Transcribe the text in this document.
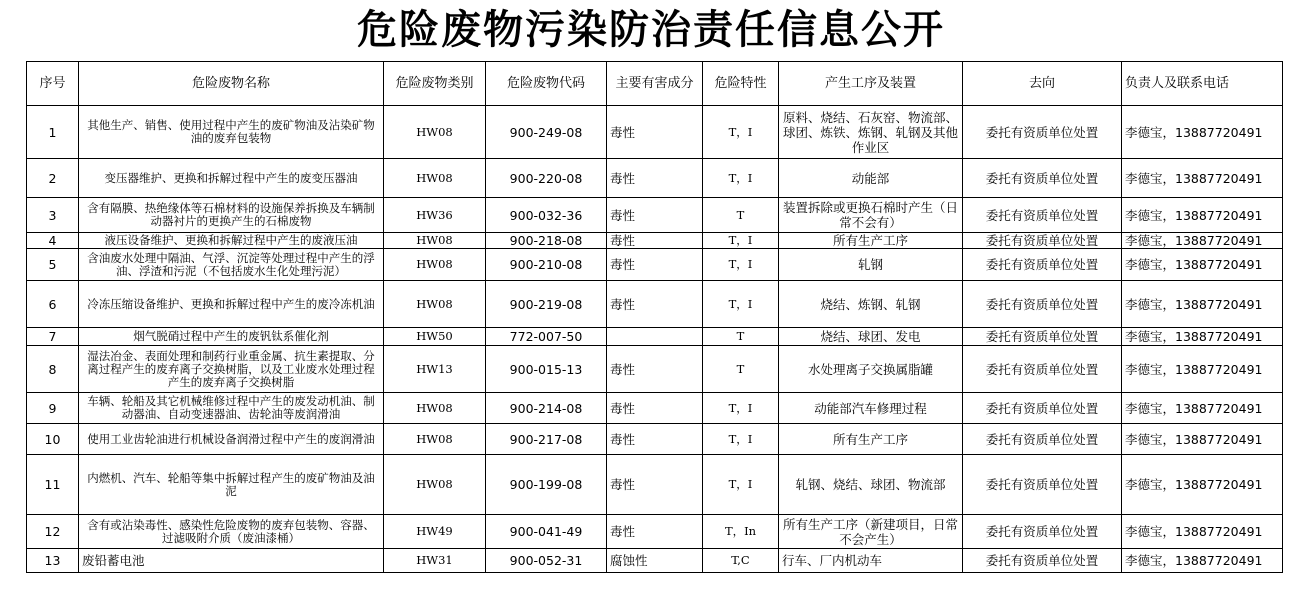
危险废物污染防治责任信息公开
序号	危险废物名称	危险废物类别	危险废物代码	主要有害成分	危险特性	产生工序及装置	去向	负责人及联系电话
1	其他生产、销售、使用过程中产生的废矿物油及沾染矿物油的废弃包装物	HW08	900-249-08	毒性	T，I	原料、烧结、石灰窑、物流部、球团、炼铁、炼钢、轧钢及其他作业区	委托有资质单位处置	李德宝，13887720491
2	变压器维护、更换和拆解过程中产生的废变压器油	HW08	900-220-08	毒性	T，I	动能部	委托有资质单位处置	李德宝，13887720491
3	含有隔膜、热绝缘体等石棉材料的设施保养拆换及车辆制动器衬片的更换产生的石棉废物	HW36	900-032-36	毒性	T	装置拆除或更换石棉时产生（日常不会有）	委托有资质单位处置	李德宝，13887720491
4	液压设备维护、更换和拆解过程中产生的废液压油	HW08	900-218-08	毒性	T，I	所有生产工序	委托有资质单位处置	李德宝，13887720491
5	含油废水处理中隔油、气浮、沉淀等处理过程中产生的浮油、浮渣和污泥（不包括废水生化处理污泥）	HW08	900-210-08	毒性	T，I	轧钢	委托有资质单位处置	李德宝，13887720491
6	冷冻压缩设备维护、更换和拆解过程中产生的废冷冻机油	HW08	900-219-08	毒性	T，I	烧结、炼钢、轧钢	委托有资质单位处置	李德宝，13887720491
7	烟气脱硝过程中产生的废钒钛系催化剂	HW50	772-007-50		T	烧结、球团、发电	委托有资质单位处置	李德宝，13887720491
8	湿法冶金、表面处理和制药行业重金属、抗生素提取、分离过程产生的废弃离子交换树脂，以及工业废水处理过程产生的废弃离子交换树脂	HW13	900-015-13	毒性	T	水处理离子交换属脂罐	委托有资质单位处置	李德宝，13887720491
9	车辆、轮船及其它机械维修过程中产生的废发动机油、制动器油、自动变速器油、齿轮油等废润滑油	HW08	900-214-08	毒性	T，I	动能部汽车修理过程	委托有资质单位处置	李德宝，13887720491
10	使用工业齿轮油进行机械设备润滑过程中产生的废润滑油	HW08	900-217-08	毒性	T，I	所有生产工序	委托有资质单位处置	李德宝，13887720491
11	内燃机、汽车、轮船等集中拆解过程产生的废矿物油及油泥	HW08	900-199-08	毒性	T，I	轧钢、烧结、球团、物流部	委托有资质单位处置	李德宝，13887720491
12	含有或沾染毒性、感染性危险废物的废弃包装物、容器、过滤吸附介质（废油漆桶）	HW49	900-041-49	毒性	T，In	所有生产工序（新建项目，日常不会产生）	委托有资质单位处置	李德宝，13887720491
13	废铅蓄电池	HW31	900-052-31	腐蚀性	T,C	行车、厂内机动车	委托有资质单位处置	李德宝，13887720491
